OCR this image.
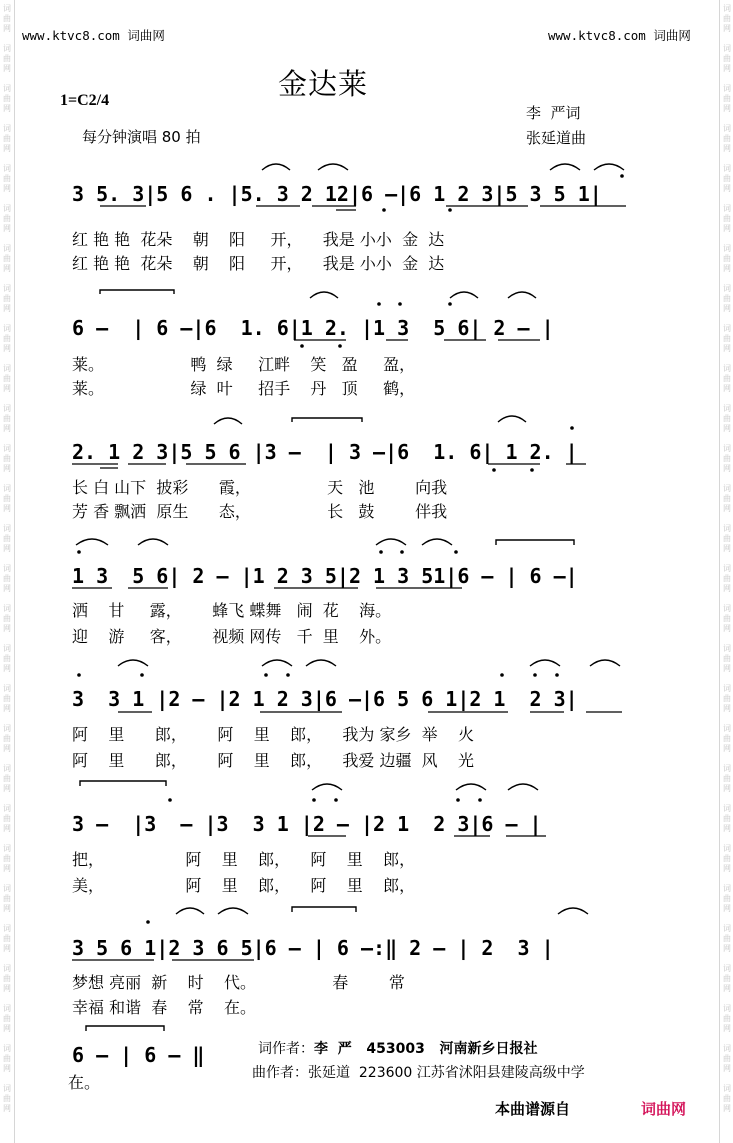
词
曲
网
词
曲
网
词
曲
网
词
曲
网
词
曲
网
词
曲
网
词
曲
网
词
曲
网
词
曲
网
词
曲
网
词
曲
网
词
曲
网
词
曲
网
词
曲
网
词
曲
网
词
曲
网
词
曲
网
词
曲
网
词
曲
网
词
曲
网
词
曲
网
词
曲
网
词
曲
网
词
曲
网
词
曲
网
词
曲
网
词
曲
网
词
曲
网
词
曲
网
词
曲
网
词
曲
网
词
曲
网
词
曲
网
词
曲
网
词
曲
网
词
曲
网
词
曲
网
词
曲
网
词
曲
网
词
曲
网
词
曲
网
词
曲
网
词
曲
网
词
曲
网
词
曲
网
词
曲
网
词
曲
网
词
曲
网
词
曲
网
词
曲
网
词
曲
网
词
曲
网
词
曲
网
词
曲
网
词
曲
网
词
曲
网
www.ktvc8.com 词曲网	www.ktvc8.com 词曲网
金达莱
1=C2/4
每分钟演唱 80 拍
李  严词
张延道曲
3 5. 3|5 6 . |5. 3 2 12|6 —|6 1 2 3|5 3 5 1|
红 艳 艳  花朵    朝    阳     开，    我是 小小  金  达
红 艳 艳  花朵    朝    阳     开，    我是 小小  金  达
6 —  | 6 —|6  1. 6|1 2. |1 3  5 6| 2 — |
莱。                 鸭  绿     江畔    笑   盈     盈，
莱。                 绿  叶     招手    丹   顶     鹤，
2. 1 2 3|5 5 6 |3 —  | 3 —|6  1. 6| 1 2. |
长 白 山下  披彩      霞，               天   池        向我
芳 香 飘洒  原生      态，               长   鼓        伴我
1 3  5 6| 2 — |1 2 3 5|2 1 3 51|6 — | 6 —|
洒    甘     露，      蜂飞 蝶舞   闹  花    海。
迎    游     客，      视频 网传   千  里    外。
3  3 1 |2 — |2 1 2 3|6 —|6 5 6 1|2 1  2 3|
阿    里      郎，      阿    里    郎，    我为 家乡  举    火
阿    里      郎，      阿    里    郎，    我爱 边疆  风    光
3 —  |3  — |3  3 1 |2 — |2 1  2 3|6 — |
把，                阿    里    郎，    阿    里    郎，
美，                阿    里    郎，    阿    里    郎，
3 5 6 1|2 3 6 5|6 — | 6 —:‖ 2 — | 2  3 |
梦想 亮丽  新    时    代。               春        常
幸福 和谐  春    常    在。
6 — | 6 — ‖
在。
词作者：李  严   453003   河南新乡日报社
曲作者：张延道  223600 江苏省沭阳县建陵高级中学
本曲谱源自	词曲网
